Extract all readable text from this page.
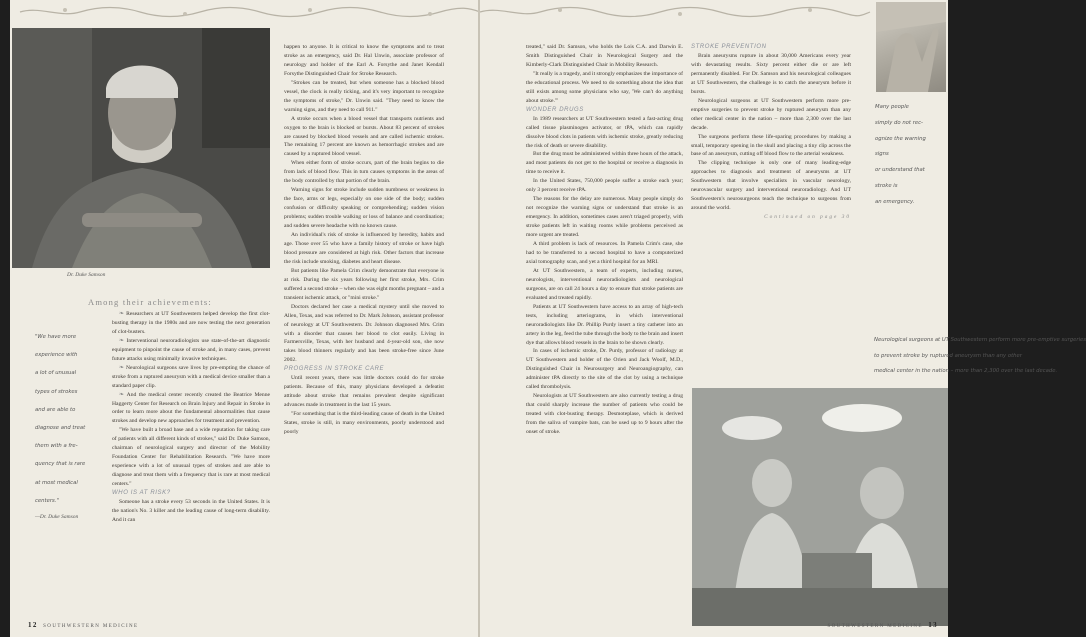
Dr. Duke Samson
Among their achievements:
"We have more
experience with
a lot of unusual
types of strokes
and are able to
diagnose and treat
them with a fre-
quency that is rare
at most medical
centers."
—Dr. Duke Samson

❧ Researchers at UT Southwestern helped develop the first clot-busting therapy in the 1980s and are now testing the next generation of clot-busters.

❧ Interventional neuroradiologists use state-of-the-art diagnostic equipment to pinpoint the cause of stroke and, in many cases, prevent future attacks using minimally invasive techniques.

❧ Neurological surgeons save lives by pre-empting the chance of stroke from a ruptured aneurysm with a medical device smaller than a standard paper clip.

❧ And the medical center recently created the Beatrice Menne Haggerty Center for Research on Brain Injury and Repair in Stroke in order to learn more about the fundamental abnormalities that cause strokes and develop new approaches for treatment and prevention.

"We have built a broad base and a wide reputation for taking care of patients with all different kinds of strokes," said Dr. Duke Samson, chairman of neurological surgery and director of the Mobility Foundation Center for Rehabilitation Research. "We have more experience with a lot of unusual types of strokes and are able to diagnose and treat them with a frequency that is rare at most medical centers."

WHO IS AT RISK?

Someone has a stroke every 53 seconds in the United States. It is the nation's No. 3 killer and the leading cause of long-term disability. And it can

happen to anyone. It is critical to know the symptoms and to treat stroke as an emergency, said Dr. Hal Unwin, associate professor of neurology and holder of the Earl A. Forsythe and Janet Kendall Forsythe Distinguished Chair for Stroke Research.

"Strokes can be treated, but when someone has a blocked blood vessel, the clock is really ticking, and it's very important to recognize the symptoms of stroke," Dr. Unwin said. "They need to know the warning signs, and they need to call 911."

A stroke occurs when a blood vessel that transports nutrients and oxygen to the brain is blocked or bursts. About 83 percent of strokes are caused by blocked blood vessels and are called ischemic strokes. The remaining 17 percent are known as hemorrhagic strokes and are caused by a ruptured blood vessel.

When either form of stroke occurs, part of the brain begins to die from lack of blood flow. This in turn causes symptoms in the areas of the body controlled by that portion of the brain.

Warning signs for stroke include sudden numbness or weakness in the face, arms or legs, especially on one side of the body; sudden confusion or difficulty speaking or comprehending; sudden vision problems; sudden trouble walking or loss of balance and coordination; and sudden severe headache with no known cause.

An individual's risk of stroke is influenced by heredity, habits and age. Those over 55 who have a family history of stroke or have high blood pressure are considered at high risk. Other factors that increase the risk include smoking, diabetes and heart disease.

But patients like Pamela Crim clearly demonstrate that everyone is at risk. During the six years following her first stroke, Mrs. Crim suffered a second stroke – when she was eight months pregnant – and a transient ischemic attack, or "mini stroke."

Doctors declared her case a medical mystery until she moved to Allen, Texas, and was referred to Dr. Mark Johnson, assistant professor of neurology at UT Southwestern. Dr. Johnson diagnosed Mrs. Crim with a disorder that causes her blood to clot easily. Living in Farmersville, Texas, with her husband and 4-year-old son, she now takes blood thinners regularly and has been stroke-free since June 2002.

PROGRESS IN STROKE CARE

Until recent years, there was little doctors could do for stroke patients. Because of this, many physicians developed a defeatist attitude about stroke that remains prevalent despite significant advances made in treatment in the last 15 years.

"For something that is the third-leading cause of death in the United States, stroke is still, in many environments, poorly understood and poorly

12 SOUTHWESTERN MEDICINE

treated," said Dr. Samson, who holds the Lois C.A. and Darwin E. Smith Distinguished Chair in Neurological Surgery and the Kimberly-Clark Distinguished Chair in Mobility Research.

"It really is a tragedy, and it strongly emphasizes the importance of the educational process. We need to do something about the idea that still exists among some physicians who say, 'We can't do anything about stroke.'"

WONDER DRUGS

In 1989 researchers at UT Southwestern tested a fast-acting drug called tissue plasminogen activator, or tPA, which can rapidly dissolve blood clots in patients with ischemic stroke, greatly reducing the risk of death or severe disability.

But the drug must be administered within three hours of the attack, and most patients do not get to the hospital or receive a diagnosis in time to receive it.

In the United States, 750,000 people suffer a stroke each year; only 3 percent receive tPA.

The reasons for the delay are numerous. Many people simply do not recognize the warning signs or understand that stroke is an emergency. In addition, sometimes cases aren't triaged properly, with stroke patients left in waiting rooms while problems perceived as more urgent are treated.

A third problem is lack of resources. In Pamela Crim's case, she had to be transferred to a second hospital to have a computerized axial tomography scan, and yet a third hospital for an MRI.

At UT Southwestern, a team of experts, including nurses, neurologists, interventional neuroradiologists and neurological surgeons, are on call 24 hours a day to ensure that stroke patients are evaluated and treated rapidly.

Patients at UT Southwestern have access to an array of high-tech tests, including arteriograms, in which interventional neuroradiologists like Dr. Phillip Purdy insert a tiny catheter into an artery in the leg, feed the tube through the body to the brain and insert dye that allows blood vessels in the brain to be shown clearly.

In cases of ischemic stroke, Dr. Purdy, professor of radiology at UT Southwestern and holder of the Orien and Jack Woolf, M.D., Distinguished Chair in Neurosurgery and Neuroangiography, can administer tPA directly to the site of the clot by using a technique called thrombolysis.

Neurologists at UT Southwestern are also currently testing a drug that could sharply increase the number of patients who could be treated with clot-busting therapy. Desmoteplase, which is derived from the saliva of vampire bats, can be used up to 9 hours after the onset of stroke.

STROKE PREVENTION

Brain aneurysms rupture in about 30,000 Americans every year with devastating results. Sixty percent either die or are left permanently disabled. For Dr. Samson and his neurological colleagues at UT Southwestern, the challenge is to catch the aneurysm before it bursts.

Neurological surgeons at UT Southwestern perform more pre-emptive surgeries to prevent stroke by ruptured aneurysm than any other medical center in the nation – more than 2,300 over the last decade.

The surgeons perform these life-sparing procedures by making a small, temporary opening in the skull and placing a tiny clip across the base of an aneurysm, cutting off blood flow to the arterial weakness.

The clipping technique is only one of many leading-edge approaches to diagnosis and treatment of aneurysms at UT Southwestern that involve specialists in vascular neurology, neurovascular surgery and interventional neuroradiology. And UT Southwestern's neurosurgeons teach the technique to surgeons from around the world.

Continued on page 30
Many people
simply do not rec-
ognize the warning
signs
or understand that
stroke is
an emergency.
Neurological surgeons at UT Southwestern perform more pre-emptive surgeries
to prevent stroke by ruptured aneurysm than any other
medical center in the nation – more than 2,300 over the last decade.
SOUTHWESTERN MEDICINE 13
